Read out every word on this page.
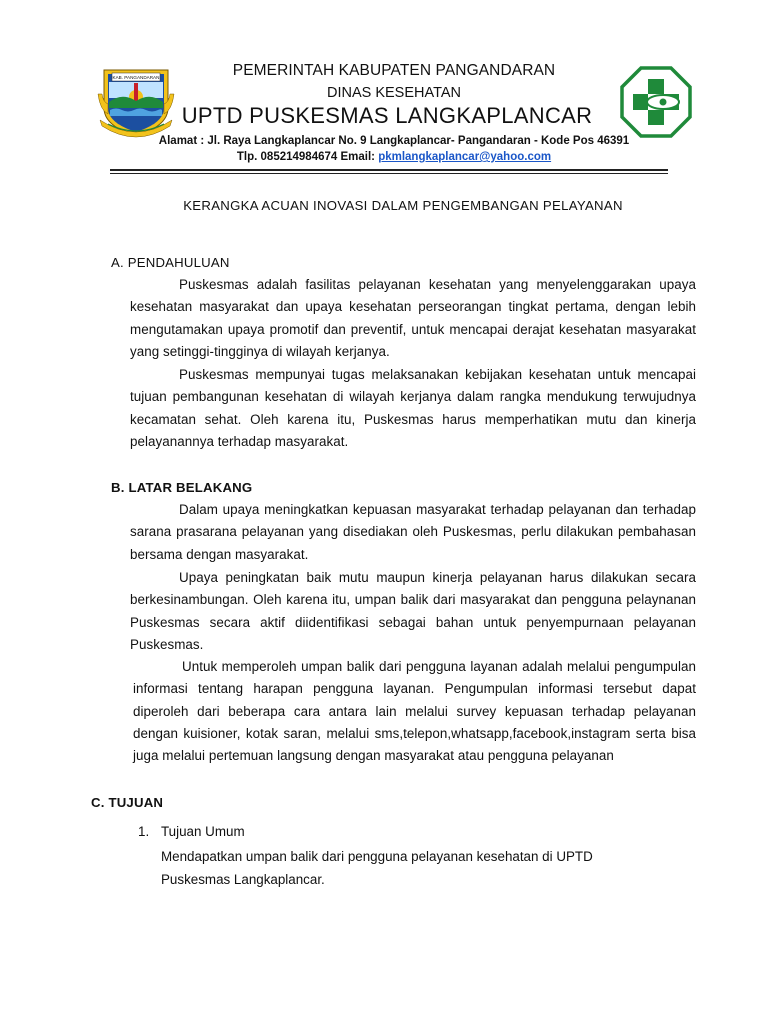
KAB. PANGANDARAN	PEMERINTAH KABUPATEN PANGANDARAN
DINAS KESEHATAN
UPTD PUSKESMAS LANGKAPLANCAR
Alamat : Jl. Raya Langkaplancar No. 9 Langkaplancar- Pangandaran - Kode Pos 46391
Tlp. 085214984674 Email: pkmlangkaplancar@yahoo.com
KERANGKA ACUAN INOVASI DALAM PENGEMBANGAN PELAYANAN
A. PENDAHULUAN

Puskesmas adalah fasilitas pelayanan kesehatan yang menyelenggarakan upaya kesehatan masyarakat dan upaya kesehatan perseorangan tingkat pertama, dengan lebih mengutamakan upaya promotif dan preventif, untuk mencapai derajat kesehatan masyarakat yang setinggi-tingginya di wilayah kerjanya.

Puskesmas mempunyai tugas melaksanakan kebijakan kesehatan untuk mencapai tujuan pembangunan kesehatan di wilayah kerjanya dalam rangka mendukung terwujudnya kecamatan sehat. Oleh karena itu, Puskesmas harus memperhatikan mutu dan kinerja pelayanannya terhadap masyarakat.

B. LATAR BELAKANG

Dalam upaya meningkatkan kepuasan masyarakat terhadap pelayanan dan terhadap sarana prasarana pelayanan yang disediakan oleh Puskesmas, perlu dilakukan pembahasan bersama dengan masyarakat.

Upaya peningkatan baik mutu maupun kinerja pelayanan harus dilakukan secara berkesinambungan. Oleh karena itu, umpan balik dari masyarakat dan pengguna pelaynanan Puskesmas secara aktif diidentifikasi sebagai bahan untuk penyempurnaan pelayanan Puskesmas.

Untuk memperoleh umpan balik dari pengguna layanan adalah melalui pengumpulan informasi tentang harapan pengguna layanan. Pengumpulan informasi tersebut dapat diperoleh dari beberapa cara antara lain melalui survey kepuasan terhadap pelayanan dengan kuisioner, kotak saran, melalui sms,telepon,whatsapp,facebook,instagram serta bisa juga melalui pertemuan langsung dengan masyarakat atau pengguna pelayanan

C. TUJUAN
1. Tujuan Umum

Mendapatkan umpan balik dari pengguna pelayanan kesehatan di UPTD Puskesmas Langkaplancar.
